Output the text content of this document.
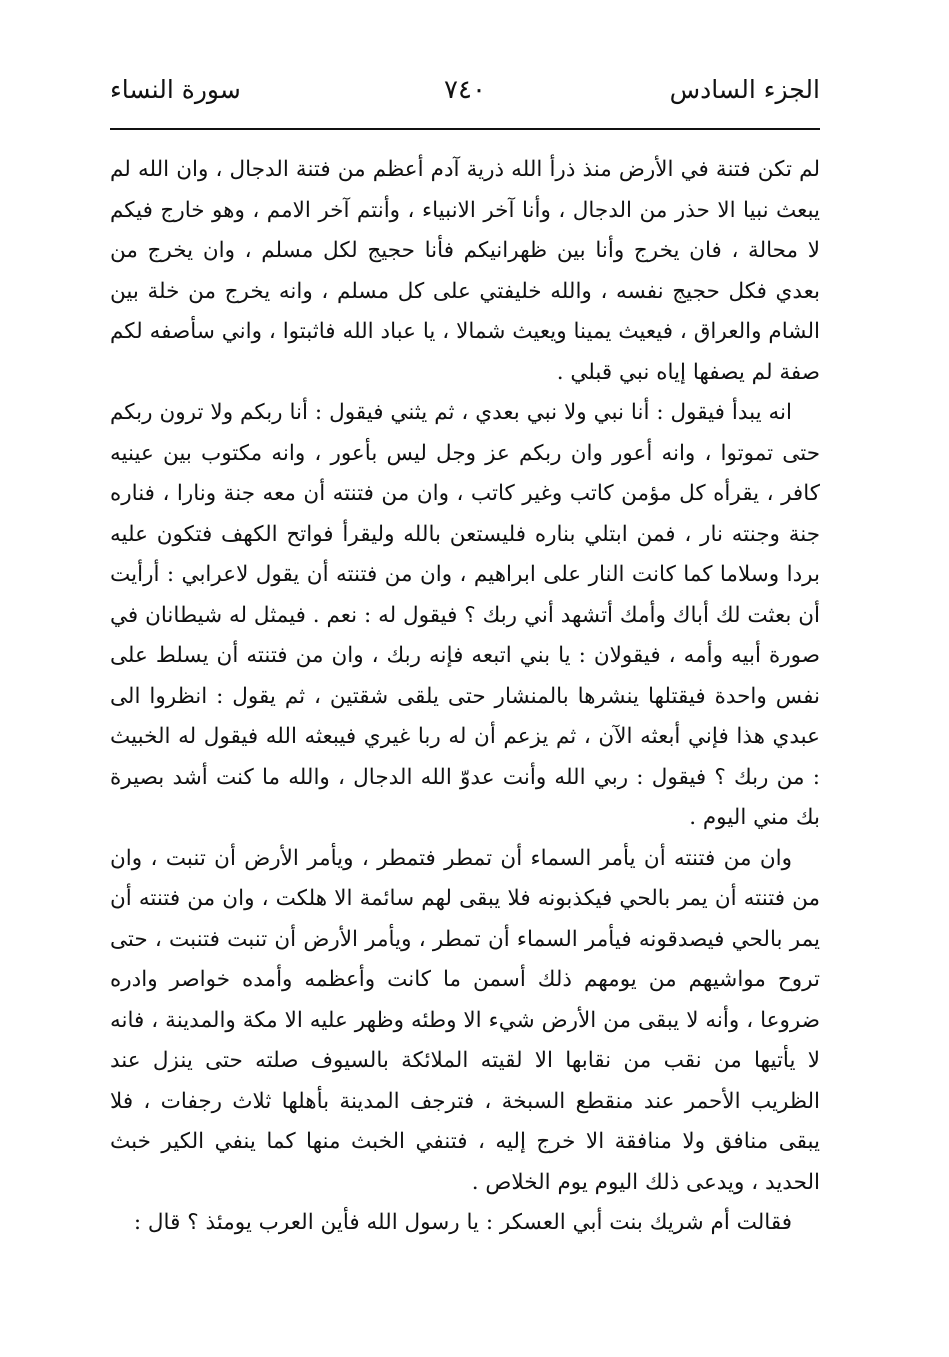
الجزء السادس
٧٤٠
سورة النساء

لم تكن فتنة في الأرض منذ ذرأ الله ذرية آدم أعظم من فتنة الدجال ، وان الله لم يبعث نبيا الا حذر من الدجال ، وأنا آخر الانبياء ، وأنتم آخر الامم ، وهو خارج فيكم لا محالة ، فان يخرج وأنا بين ظهرانيكم فأنا حجيج لكل مسلم ، وان يخرج من بعدي فكل حجيج نفسه ، والله خليفتي على كل مسلم ، وانه يخرج من خلة بين الشام والعراق ، فيعيث يمينا ويعيث شمالا ، يا عباد الله فاثبتوا ، واني سأصفه لكم صفة لم يصفها إياه نبي قبلي .

انه يبدأ فيقول : أنا نبي ولا نبي بعدي ، ثم يثني فيقول : أنا ربكم ولا ترون ربكم حتى تموتوا ، وانه أعور وان ربكم عز وجل ليس بأعور ، وانه مكتوب بين عينيه كافر ، يقرأه كل مؤمن كاتب وغير كاتب ، وان من فتنته أن معه جنة ونارا ، فناره جنة وجنته نار ، فمن ابتلي بناره فليستعن بالله وليقرأ فواتح الكهف فتكون عليه بردا وسلاما كما كانت النار على ابراهيم ، وان من فتنته أن يقول لاعرابي : أرأيت أن بعثت لك أباك وأمك أتشهد أني ربك ؟ فيقول له : نعم . فيمثل له شيطانان في صورة أبيه وأمه ، فيقولان : يا بني اتبعه فإنه ربك ، وان من فتنته أن يسلط على نفس واحدة فيقتلها ينشرها بالمنشار حتى يلقى شقتين ، ثم يقول : انظروا الى عبدي هذا فإني أبعثه الآن ، ثم يزعم أن له ربا غيري فيبعثه الله فيقول له الخبيث : من ربك ؟ فيقول : ربي الله وأنت عدوّ الله الدجال ، والله ما كنت أشد بصيرة بك مني اليوم .

وان من فتنته أن يأمر السماء أن تمطر فتمطر ، ويأمر الأرض أن تنبت ، وان من فتنته أن يمر بالحي فيكذبونه فلا يبقى لهم سائمة الا هلكت ، وان من فتنته أن يمر بالحي فيصدقونه فيأمر السماء أن تمطر ، ويأمر الأرض أن تنبت فتنبت ، حتى تروح مواشيهم من يومهم ذلك أسمن ما كانت وأعظمه وأمده خواصر وادره ضروعا ، وأنه لا يبقى من الأرض شيء الا وطئه وظهر عليه الا مكة والمدينة ، فانه لا يأتيها من نقب من نقابها الا لقيته الملائكة بالسيوف صلته حتى ينزل عند الظريب الأحمر عند منقطع السبخة ، فترجف المدينة بأهلها ثلاث رجفات ، فلا يبقى منافق ولا منافقة الا خرج إليه ، فتنفي الخبث منها كما ينفي الكير خبث الحديد ، ويدعى ذلك اليوم يوم الخلاص .

فقالت أم شريك بنت أبي العسكر : يا رسول الله فأين العرب يومئذ ؟ قال :
